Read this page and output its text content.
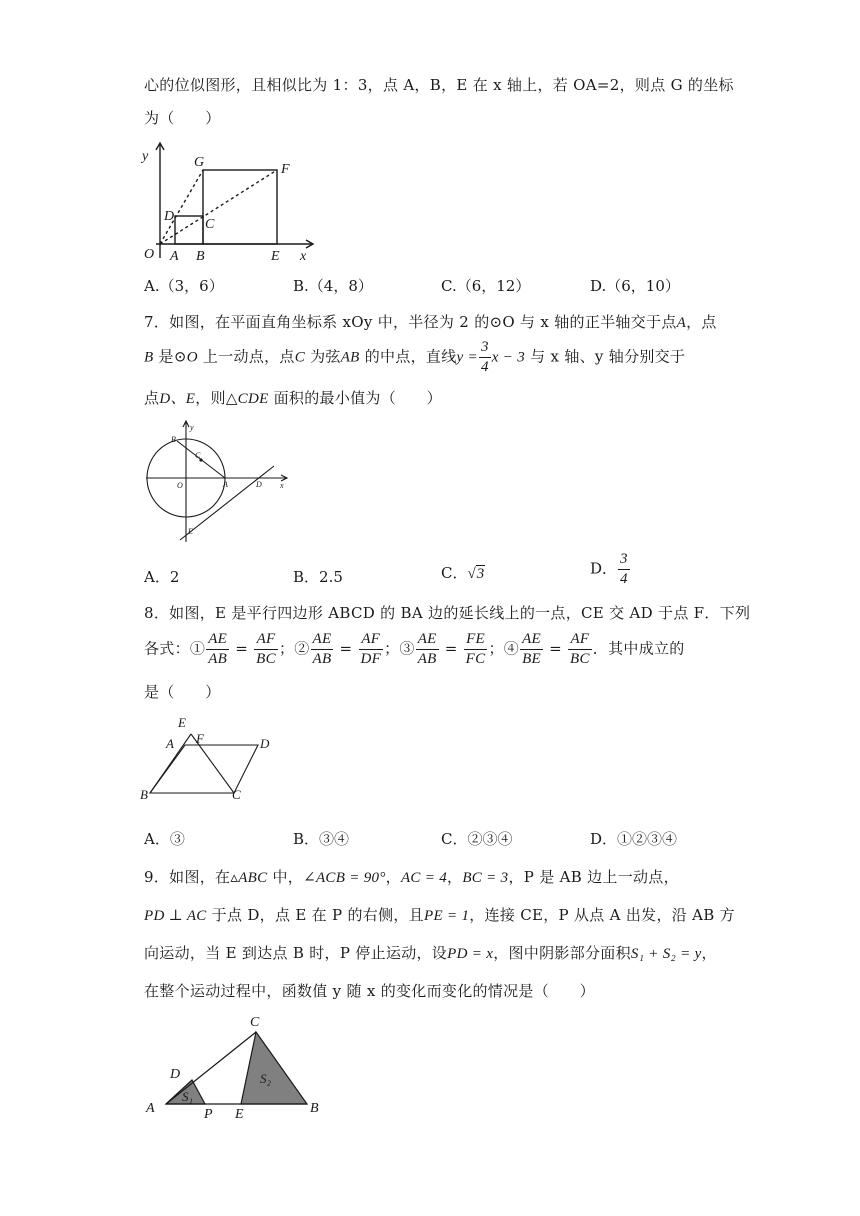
心的位似图形，且相似比为 1：3，点 A，B，E 在 x 轴上，若 OA=2，则点 G 的坐标
为（　　）
y
x
O A B	E
D
C
G	F
A.（3，6）	B.（4，8）	C.（6，12）	D.（6，10）
7．如图，在平面直角坐标系 xOy 中，半径为 2 的⊙O 与 x 轴的正半轴交于点A，点
B 是⊙O 上一动点，点C 为弦AB 的中点，直线$y = \frac{3}{4}$ x − 3 与 x 轴、y 轴分别交于
点D、E，则△CDE 面积的最小值为（　　）
y
x
O	A
B
C
D
E
A．2	B．2.5	C．√3	D． $\frac{3}{4}$
8．如图，E 是平行四边形 ABCD 的 BA 边的延长线上的一点，CE 交 AD 于点 F．下列
各式：① $\frac{AE}{AB} = \frac{AF}{BC}$ ；② $\frac{AE}{AB} = \frac{AF}{DF}$ ；③ $\frac{AE}{AB} = \frac{FE}{FC}$ ；④ $\frac{AE}{BE} = \frac{AF}{BC}$ ．其中成立的
是（　　）
E
A F	D
B	C
A．③	B．③④	C．②③④	D．①②③④
9．如图，在▵ABC 中，∠ACB = 90°，AC = 4，BC = 3，P 是 AB 边上一动点，
PD ⊥ AC 于点 D，点 E 在 P 的右侧，且PE = 1，连接 CE，P 从点 A 出发，沿 AB 方
向运动，当 E 到达点 B 时，P 停止运动，设PD = x，图中阴影部分面积S₁ + S₂ = y，
在整个运动过程中，函数值 y 随 x 的变化而变化的情况是（　　）
C
D
S₁
S₂
A	P E	B
